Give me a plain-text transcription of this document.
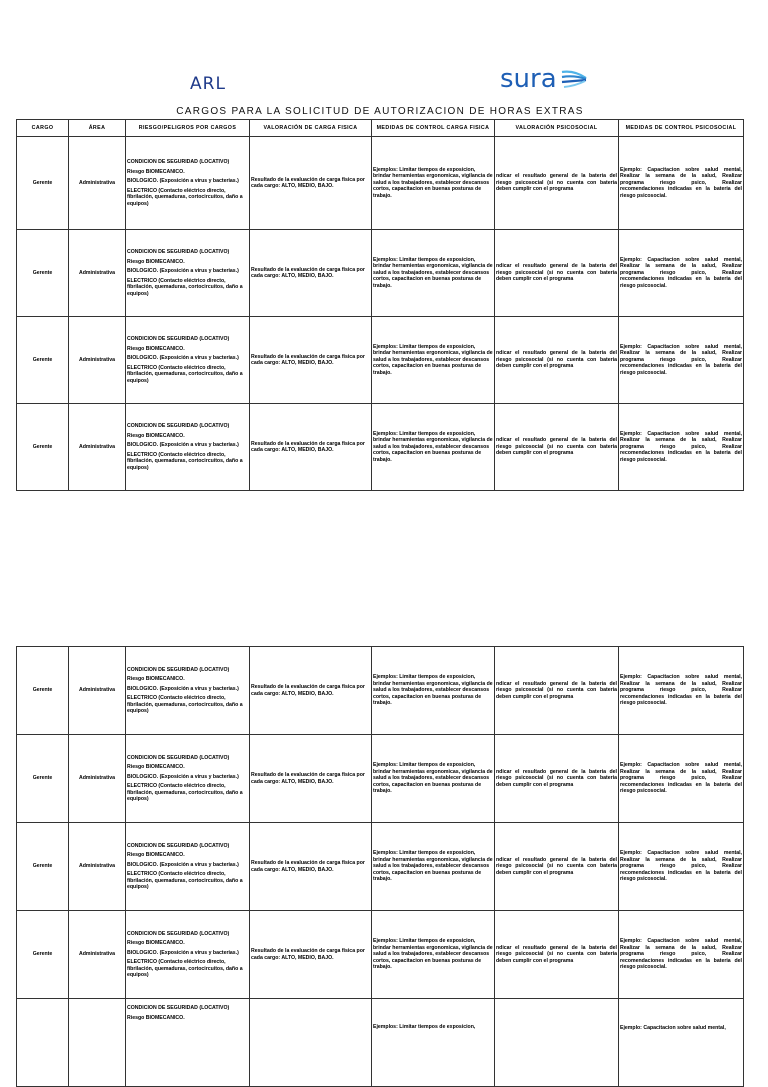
ARL	sura
CARGOS PARA LA SOLICITUD DE AUTORIZACION DE HORAS EXTRAS
CARGO	ÁREA	RIESGO/PELIGROS POR CARGOS	VALORACIÓN DE CARGA FISICA	MEDIDAS DE CONTROL CARGA FISICA	VALORACIÓN PSICOSOCIAL	MEDIDAS DE CONTROL PSICOSOCIAL
Gerente	Administrativa	CONDICION DE SEGURIDAD (LOCATIVO)
Riesgo BIOMECANICO.
BIOLOGICO. (Exposición a virus y bacterias.)
ELECTRICO (Contacto eléctrico directo, fibrilación, quemaduras, cortocircuitos, daño a equipos)	Resultado de la evaluación de carga física por cada cargo: ALTO, MEDIO, BAJO.	Ejemplos: Limitar tiempos de exposicion, brindar herramientas ergonomicas, vigilancia de salud a los trabajadores, establecer descansos cortos, capacitacion en buenas posturas de trabajo.	ndicar el resultado general de la bateria del riesgo psicosocial (si no cuenta con bateria deben cumplir con el programa	Ejemplo: Capacitacion sobre salud mental, Realizar la semana de la salud, Realizar programa riesgo psico, Realizar recomendaciones indicadas en la bateria del riesgo psicosocial.
Gerente	Administrativa	CONDICION DE SEGURIDAD (LOCATIVO)
Riesgo BIOMECANICO.
BIOLOGICO. (Exposición a virus y bacterias.)
ELECTRICO (Contacto eléctrico directo, fibrilación, quemaduras, cortocircuitos, daño a equipos)	Resultado de la evaluación de carga física por cada cargo: ALTO, MEDIO, BAJO.	Ejemplos: Limitar tiempos de exposicion, brindar herramientas ergonomicas, vigilancia de salud a los trabajadores, establecer descansos cortos, capacitacion en buenas posturas de trabajo.	ndicar el resultado general de la bateria del riesgo psicosocial (si no cuenta con bateria deben cumplir con el programa	Ejemplo: Capacitacion sobre salud mental, Realizar la semana de la salud, Realizar programa riesgo psico, Realizar recomendaciones indicadas en la bateria del riesgo psicosocial.
Gerente	Administrativa	CONDICION DE SEGURIDAD (LOCATIVO)
Riesgo BIOMECANICO.
BIOLOGICO. (Exposición a virus y bacterias.)
ELECTRICO (Contacto eléctrico directo, fibrilación, quemaduras, cortocircuitos, daño a equipos)	Resultado de la evaluación de carga física por cada cargo: ALTO, MEDIO, BAJO.	Ejemplos: Limitar tiempos de exposicion, brindar herramientas ergonomicas, vigilancia de salud a los trabajadores, establecer descansos cortos, capacitacion en buenas posturas de trabajo.	ndicar el resultado general de la bateria del riesgo psicosocial (si no cuenta con bateria deben cumplir con el programa	Ejemplo: Capacitacion sobre salud mental, Realizar la semana de la salud, Realizar programa riesgo psico, Realizar recomendaciones indicadas en la bateria del riesgo psicosocial.
Gerente	Administrativa	CONDICION DE SEGURIDAD (LOCATIVO)
Riesgo BIOMECANICO.
BIOLOGICO. (Exposición a virus y bacterias.)
ELECTRICO (Contacto eléctrico directo, fibrilación, quemaduras, cortocircuitos, daño a equipos)	Resultado de la evaluación de carga física por cada cargo: ALTO, MEDIO, BAJO.	Ejemplos: Limitar tiempos de exposicion, brindar herramientas ergonomicas, vigilancia de salud a los trabajadores, establecer descansos cortos, capacitacion en buenas posturas de trabajo.	ndicar el resultado general de la bateria del riesgo psicosocial (si no cuenta con bateria deben cumplir con el programa	Ejemplo: Capacitacion sobre salud mental, Realizar la semana de la salud, Realizar programa riesgo psico, Realizar recomendaciones indicadas en la bateria del riesgo psicosocial.
Gerente	Administrativa	CONDICION DE SEGURIDAD (LOCATIVO)
Riesgo BIOMECANICO.
BIOLOGICO. (Exposición a virus y bacterias.)
ELECTRICO (Contacto eléctrico directo, fibrilación, quemaduras, cortocircuitos, daño a equipos)	Resultado de la evaluación de carga física por cada cargo: ALTO, MEDIO, BAJO.	Ejemplos: Limitar tiempos de exposicion, brindar herramientas ergonomicas, vigilancia de salud a los trabajadores, establecer descansos cortos, capacitacion en buenas posturas de trabajo.	ndicar el resultado general de la bateria del riesgo psicosocial (si no cuenta con bateria deben cumplir con el programa	Ejemplo: Capacitacion sobre salud mental, Realizar la semana de la salud, Realizar programa riesgo psico, Realizar recomendaciones indicadas en la bateria del riesgo psicosocial.
Gerente	Administrativa	CONDICION DE SEGURIDAD (LOCATIVO)
Riesgo BIOMECANICO.
BIOLOGICO. (Exposición a virus y bacterias.)
ELECTRICO (Contacto eléctrico directo, fibrilación, quemaduras, cortocircuitos, daño a equipos)	Resultado de la evaluación de carga física por cada cargo: ALTO, MEDIO, BAJO.	Ejemplos: Limitar tiempos de exposicion, brindar herramientas ergonomicas, vigilancia de salud a los trabajadores, establecer descansos cortos, capacitacion en buenas posturas de trabajo.	ndicar el resultado general de la bateria del riesgo psicosocial (si no cuenta con bateria deben cumplir con el programa	Ejemplo: Capacitacion sobre salud mental, Realizar la semana de la salud, Realizar programa riesgo psico, Realizar recomendaciones indicadas en la bateria del riesgo psicosocial.
Gerente	Administrativa	CONDICION DE SEGURIDAD (LOCATIVO)
Riesgo BIOMECANICO.
BIOLOGICO. (Exposición a virus y bacterias.)
ELECTRICO (Contacto eléctrico directo, fibrilación, quemaduras, cortocircuitos, daño a equipos)	Resultado de la evaluación de carga física por cada cargo: ALTO, MEDIO, BAJO.	Ejemplos: Limitar tiempos de exposicion, brindar herramientas ergonomicas, vigilancia de salud a los trabajadores, establecer descansos cortos, capacitacion en buenas posturas de trabajo.	ndicar el resultado general de la bateria del riesgo psicosocial (si no cuenta con bateria deben cumplir con el programa	Ejemplo: Capacitacion sobre salud mental, Realizar la semana de la salud, Realizar programa riesgo psico, Realizar recomendaciones indicadas en la bateria del riesgo psicosocial.
Gerente	Administrativa	CONDICION DE SEGURIDAD (LOCATIVO)
Riesgo BIOMECANICO.
BIOLOGICO. (Exposición a virus y bacterias.)
ELECTRICO (Contacto eléctrico directo, fibrilación, quemaduras, cortocircuitos, daño a equipos)	Resultado de la evaluación de carga física por cada cargo: ALTO, MEDIO, BAJO.	Ejemplos: Limitar tiempos de exposicion, brindar herramientas ergonomicas, vigilancia de salud a los trabajadores, establecer descansos cortos, capacitacion en buenas posturas de trabajo.	ndicar el resultado general de la bateria del riesgo psicosocial (si no cuenta con bateria deben cumplir con el programa	Ejemplo: Capacitacion sobre salud mental, Realizar la semana de la salud, Realizar programa riesgo psico, Realizar recomendaciones indicadas en la bateria del riesgo psicosocial.

		CONDICION DE SEGURIDAD (LOCATIVO)
Riesgo BIOMECANICO.		Ejemplos: Limitar tiempos de exposicion,		Ejemplo: Capacitacion sobre salud mental,
